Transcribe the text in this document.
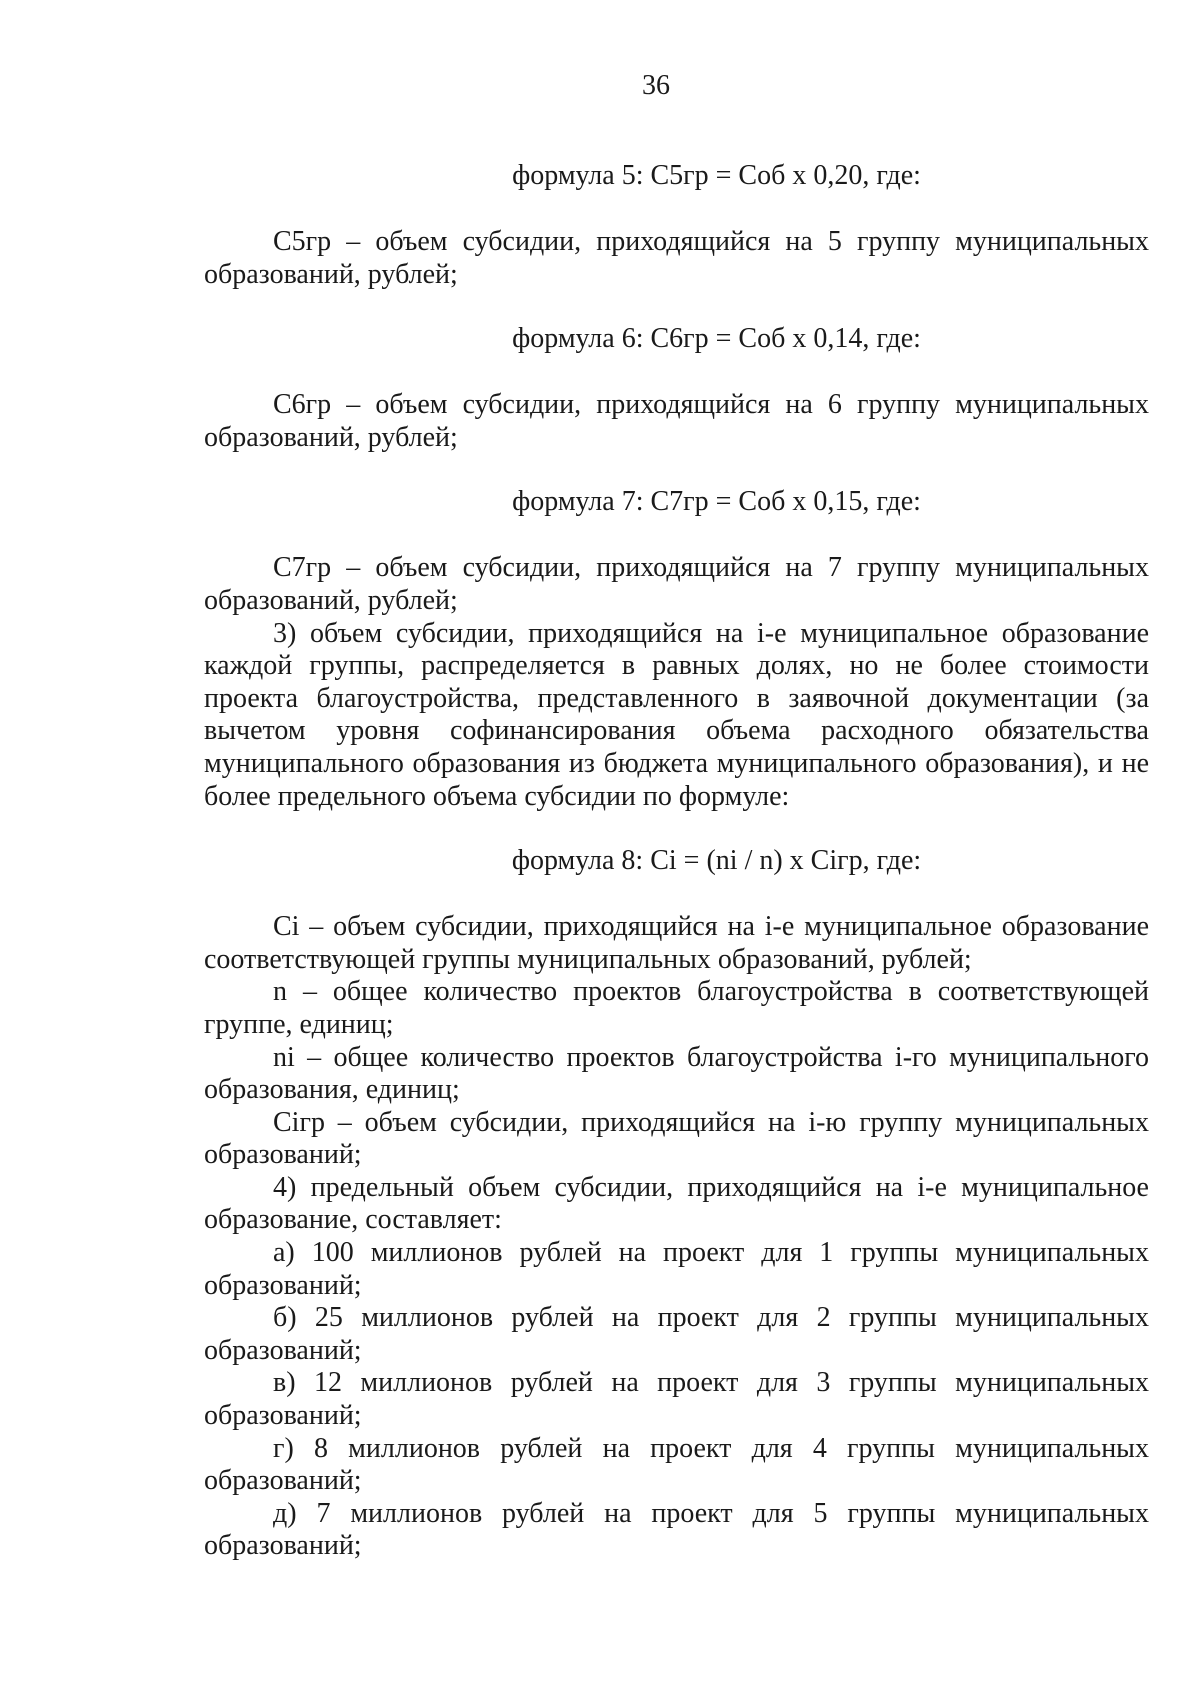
36

формула 5: С5гр = Соб х 0,20, где:

С5гр – объем субсидии, приходящийся на 5 группу муниципальных образований, рублей;

формула 6: С6гр = Соб х 0,14, где:

С6гр – объем субсидии, приходящийся на 6 группу муниципальных образований, рублей;

формула 7: С7гр = Соб х 0,15, где:

С7гр – объем субсидии, приходящийся на 7 группу муниципальных образований, рублей;

3) объем субсидии, приходящийся на i-е муниципальное образование каждой группы, распределяется в равных долях, но не более стоимости проекта благоустройства, представленного в заявочной документации (за вычетом уровня софинансирования объема расходного обязательства муниципального образования из бюджета муниципального образования), и не более предельного объема субсидии по формуле:

формула 8: Сi = (ni / n) х Сiгр, где:

Сi – объем субсидии, приходящийся на i-е муниципальное образование соответствующей группы муниципальных образований, рублей;

n – общее количество проектов благоустройства в соответствующей группе, единиц;

ni – общее количество проектов благоустройства i-го муниципального образования, единиц;

Сiгр – объем субсидии, приходящийся на i-ю группу муниципальных образований;

4) предельный объем субсидии, приходящийся на i-е муниципальное образование, составляет:

а) 100 миллионов рублей на проект для 1 группы муниципальных образований;

б) 25 миллионов рублей на проект для 2 группы муниципальных образований;

в) 12 миллионов рублей на проект для 3 группы муниципальных образований;

г) 8 миллионов рублей на проект для 4 группы муниципальных образований;

д) 7 миллионов рублей на проект для 5 группы муниципальных образований;
